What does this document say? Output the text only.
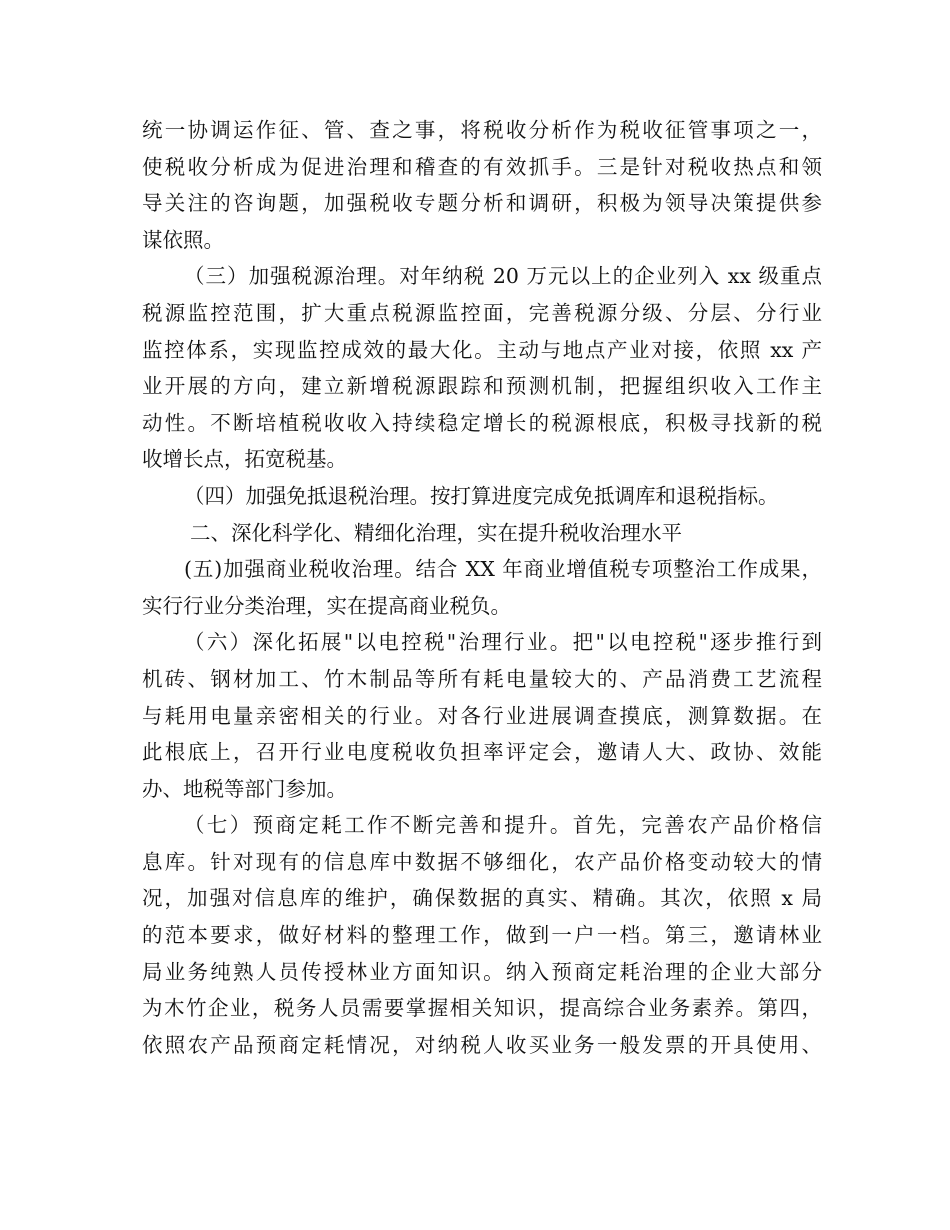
统一协调运作征、管、查之事，将税收分析作为税收征管事项之一，
使税收分析成为促进治理和稽查的有效抓手。三是针对税收热点和领
导关注的咨询题，加强税收专题分析和调研，积极为领导决策提供参
谋依照。
（三）加强税源治理。对年纳税 20 万元以上的企业列入 xx 级重点
税源监控范围，扩大重点税源监控面，完善税源分级、分层、分行业
监控体系，实现监控成效的最大化。主动与地点产业对接，依照 xx 产
业开展的方向，建立新增税源跟踪和预测机制，把握组织收入工作主
动性。不断培植税收收入持续稳定增长的税源根底，积极寻找新的税
收增长点，拓宽税基。
（四）加强免抵退税治理。按打算进度完成免抵调库和退税指标。
二、深化科学化、精细化治理，实在提升税收治理水平
(五)加强商业税收治理。结合 XX 年商业增值税专项整治工作成果，
实行行业分类治理，实在提高商业税负。
（六）深化拓展"以电控税"治理行业。把"以电控税"逐步推行到
机砖、钢材加工、竹木制品等所有耗电量较大的、产品消费工艺流程
与耗用电量亲密相关的行业。对各行业进展调查摸底，测算数据。在
此根底上，召开行业电度税收负担率评定会，邀请人大、政协、效能
办、地税等部门参加。
（七）预商定耗工作不断完善和提升。首先，完善农产品价格信
息库。针对现有的信息库中数据不够细化，农产品价格变动较大的情
况，加强对信息库的维护，确保数据的真实、精确。其次，依照 x 局
的范本要求，做好材料的整理工作，做到一户一档。第三，邀请林业
局业务纯熟人员传授林业方面知识。纳入预商定耗治理的企业大部分
为木竹企业，税务人员需要掌握相关知识，提高综合业务素养。第四，
依照农产品预商定耗情况，对纳税人收买业务一般发票的开具使用、
